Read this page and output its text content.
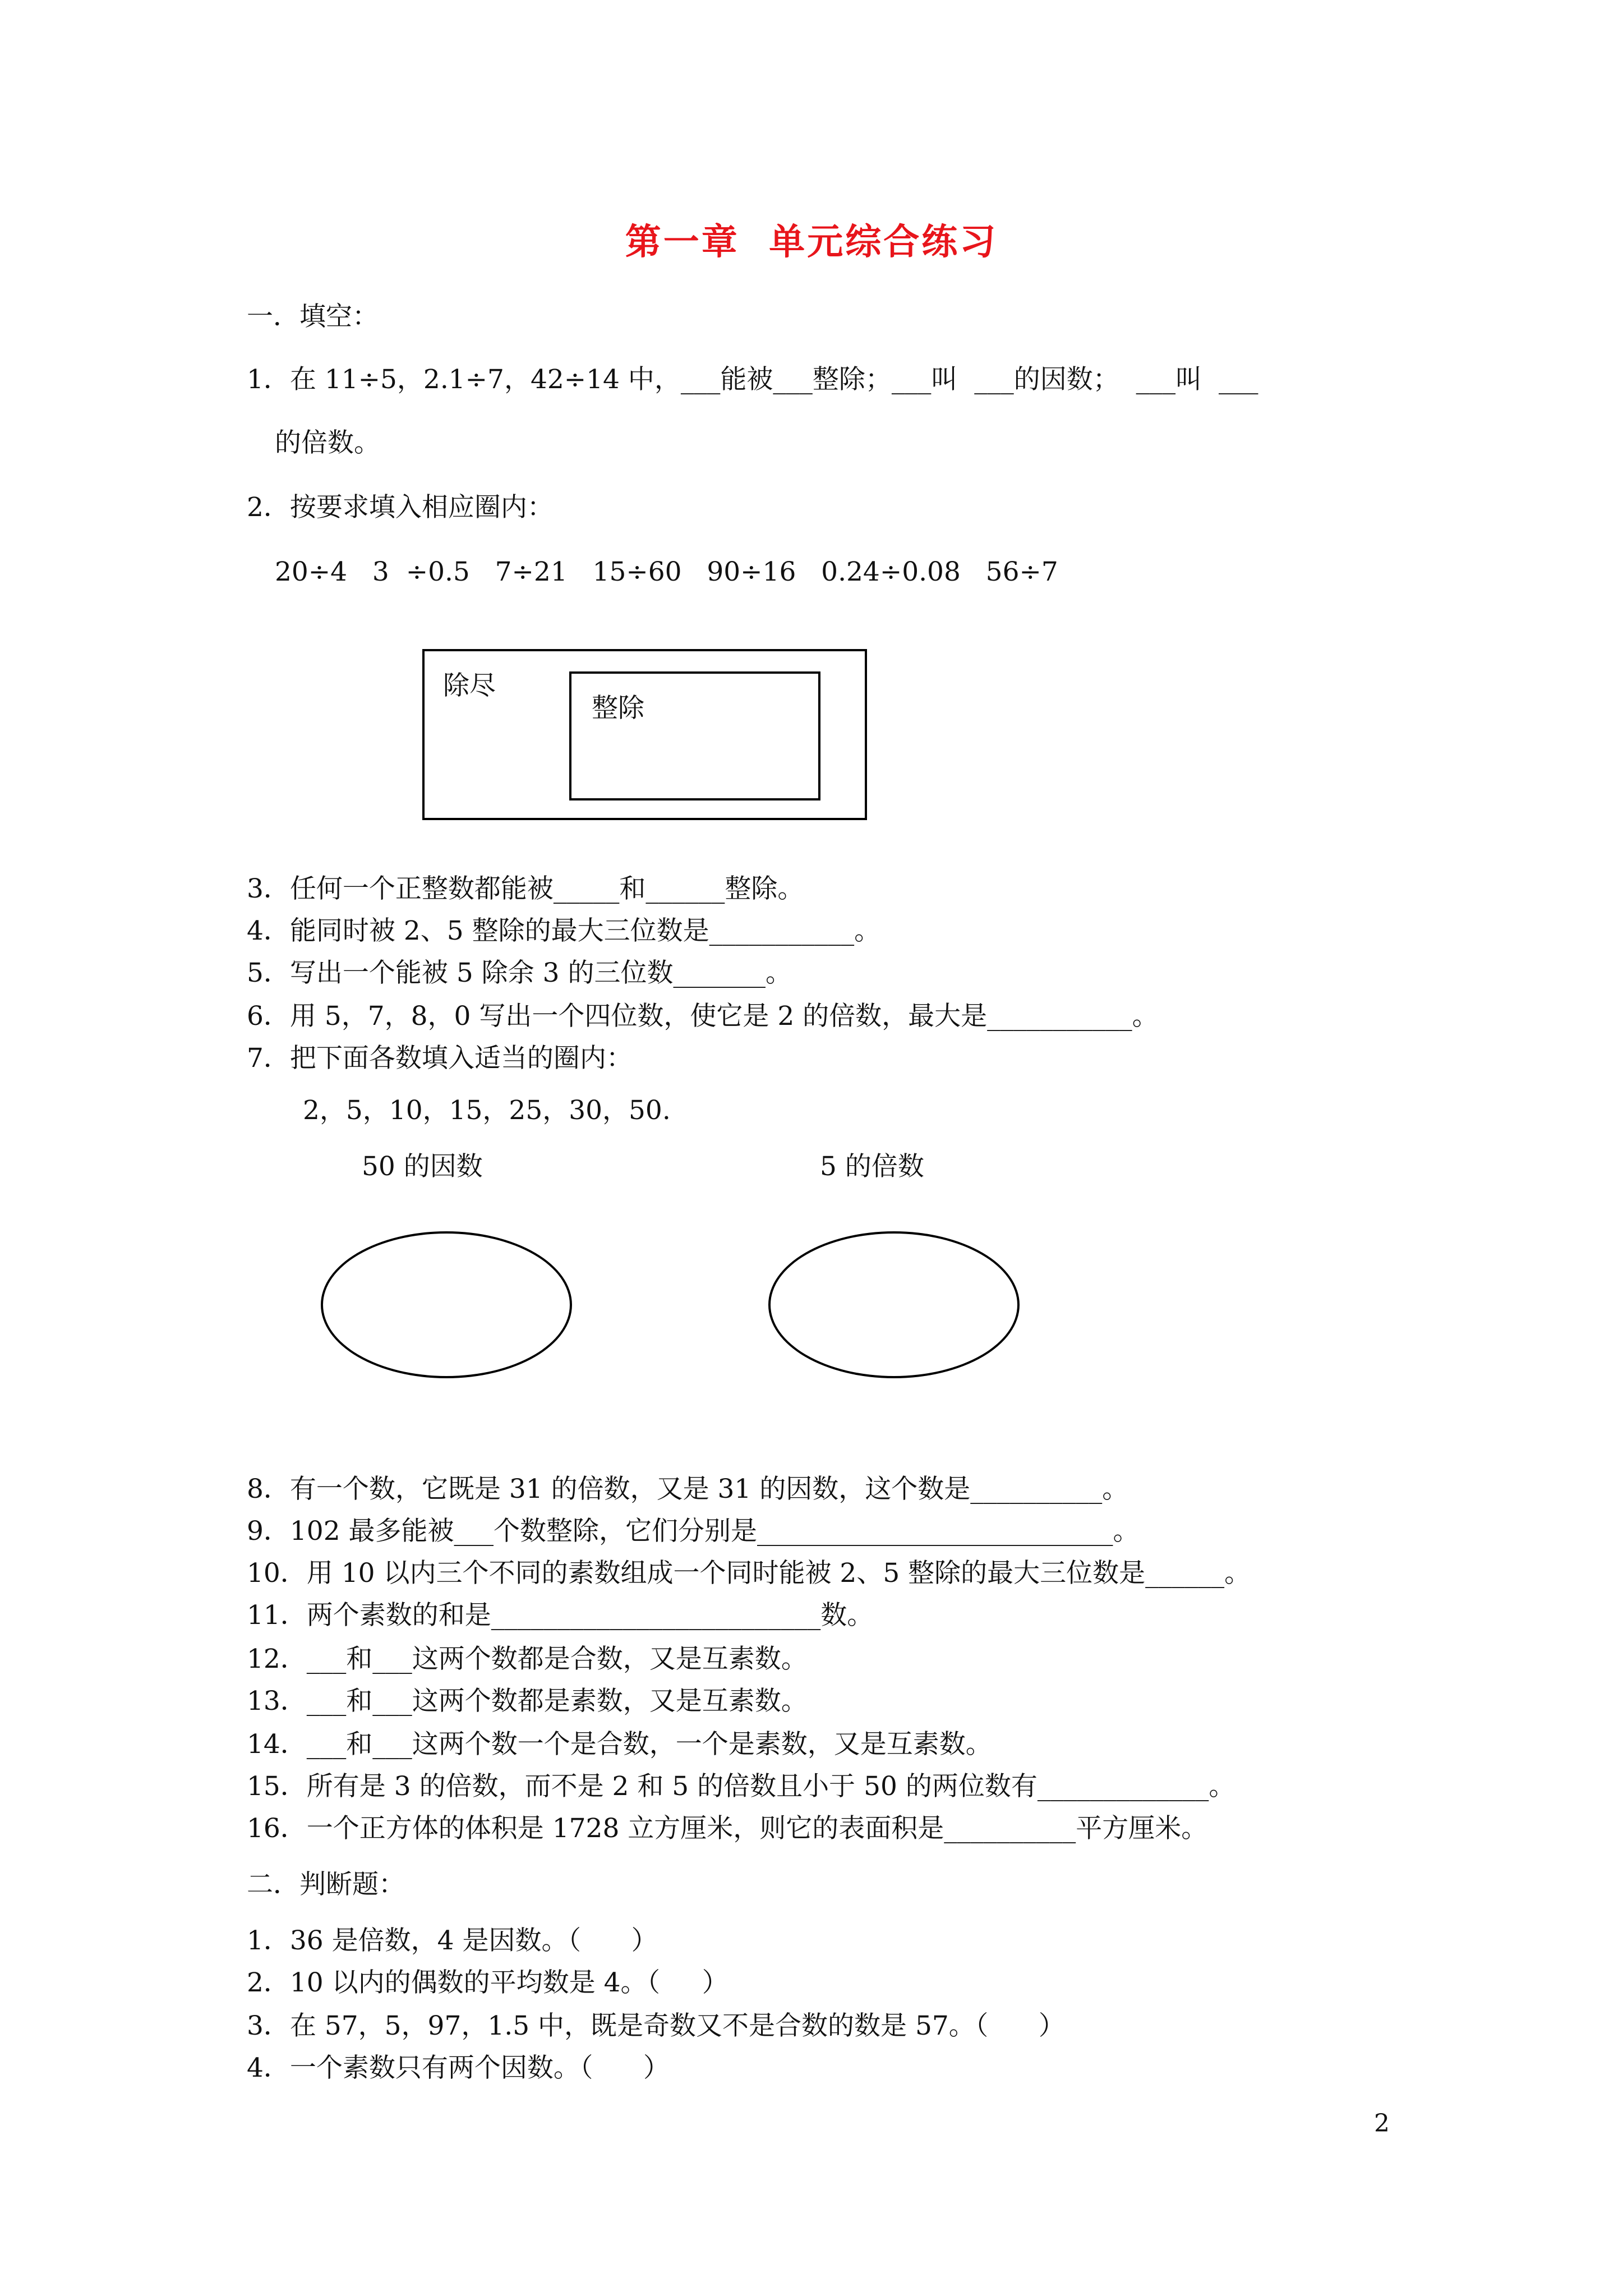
第一章  单元综合练习
一．填空：
1．在 11÷5，2.1÷7，42÷14 中，___能被___整除；___叫  ___的因数；  ___叫  ___
的倍数。
2．按要求填入相应圈内：
20÷4   3  ÷0.5   7÷21   15÷60   90÷16   0.24÷0.08   56÷7
除尽
整除
3．任何一个正整数都能被_____和______整除。
4．能同时被 2、5 整除的最大三位数是___________。
5．写出一个能被 5 除余 3 的三位数_______。
6．用 5，7，8，0 写出一个四位数，使它是 2 的倍数，最大是___________。
7．把下面各数填入适当的圈内：
2，5，10，15，25，30，50.
50 的因数	5 的倍数
8．有一个数，它既是 31 的倍数，又是 31 的因数，这个数是__________。
9．102 最多能被___个数整除，它们分别是___________________________。
10．用 10 以内三个不同的素数组成一个同时能被 2、5 整除的最大三位数是______。
11．两个素数的和是_________________________数。
12．___和___这两个数都是合数，又是互素数。
13．___和___这两个数都是素数，又是互素数。
14．___和___这两个数一个是合数，一个是素数，又是互素数。
15．所有是 3 的倍数，而不是 2 和 5 的倍数且小于 50 的两位数有_____________。
16．一个正方体的体积是 1728 立方厘米，则它的表面积是__________平方厘米。
二．判断题：
1．36 是倍数，4 是因数。（      ）
2．10 以内的偶数的平均数是 4。（     ）
3．在 57，5，97，1.5 中，既是奇数又不是合数的数是 57。（      ）
4．一个素数只有两个因数。（      ）
2
